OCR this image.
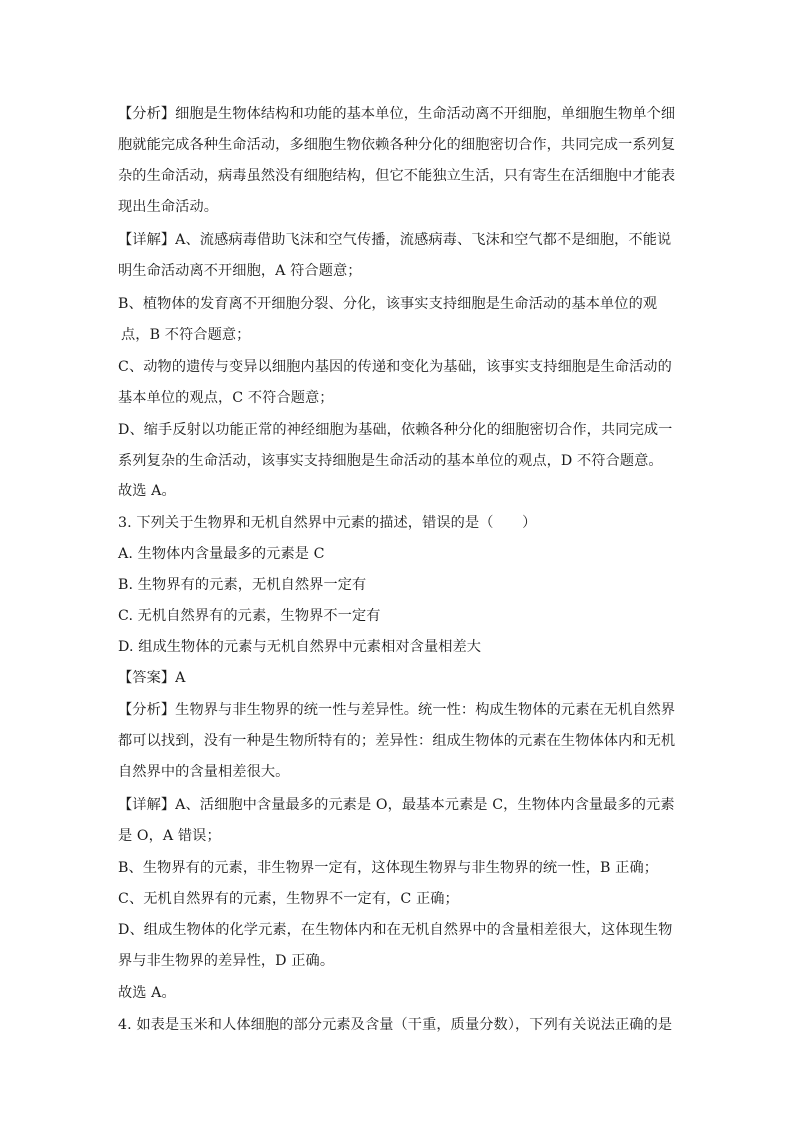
【分析】细胞是生物体结构和功能的基本单位，生命活动离不开细胞，单细胞生物单个细
胞就能完成各种生命活动，多细胞生物依赖各种分化的细胞密切合作，共同完成一系列复
杂的生命活动，病毒虽然没有细胞结构，但它不能独立生活，只有寄生在活细胞中才能表
现出生命活动。
【详解】A、流感病毒借助飞沫和空气传播，流感病毒、飞沫和空气都不是细胞，不能说
明生命活动离不开细胞，A 符合题意；
B、植物体的发育离不开细胞分裂、分化，该事实支持细胞是生命活动的基本单位的观
点，B 不符合题意；
C、动物的遗传与变异以细胞内基因的传递和变化为基础，该事实支持细胞是生命活动的
基本单位的观点，C 不符合题意；
D、缩手反射以功能正常的神经细胞为基础，依赖各种分化的细胞密切合作，共同完成一
系列复杂的生命活动，该事实支持细胞是生命活动的基本单位的观点，D 不符合题意。
故选 A。
3. 下列关于生物界和无机自然界中元素的描述，错误的是（　　）
A. 生物体内含量最多的元素是 C
B. 生物界有的元素，无机自然界一定有
C. 无机自然界有的元素，生物界不一定有
D. 组成生物体的元素与无机自然界中元素相对含量相差大
【答案】A
【分析】生物界与非生物界的统一性与差异性。统一性：构成生物体的元素在无机自然界
都可以找到，没有一种是生物所特有的；差异性：组成生物体的元素在生物体体内和无机
自然界中的含量相差很大。
【详解】A、活细胞中含量最多的元素是 O，最基本元素是 C，生物体内含量最多的元素
是 O，A 错误；
B、生物界有的元素，非生物界一定有，这体现生物界与非生物界的统一性，B 正确；
C、无机自然界有的元素，生物界不一定有，C 正确；
D、组成生物体的化学元素，在生物体内和在无机自然界中的含量相差很大，这体现生物
界与非生物界的差异性，D 正确。
故选 A。
4. 如表是玉米和人体细胞的部分元素及含量（干重，质量分数），下列有关说法正确的是
